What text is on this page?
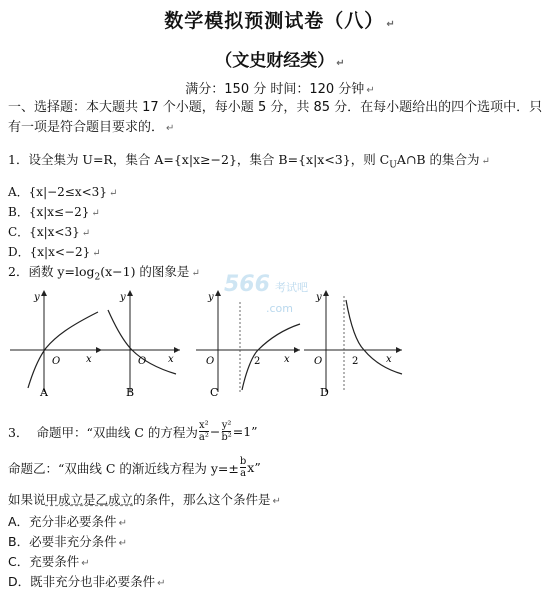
数学模拟预测试卷（八） ↵
（文史财经类） ↵
满分：150 分 时间：120 分钟 ↵
一、选择题：本大题共 17 个小题，每小题 5 分，共 85 分．在每小题给出的四个选项中．只
有一项是符合题目要求的． ↵
1．设全集为 U=R，集合 A={x|x≥−2}，集合 B={x|x<3}，则 $C_UA\cap B$ 的集合为 ↵
A．{x|−2≤x<3} ↵
B．{x|x≤−2} ↵
C．{x|x<3} ↵
D．{x|x<−2} ↵
2．函数 $y=\log_2(x-1)$ 的图象是 ↵ 566 考试吧
.com
y
x
O
A
y
x
O
B
y
x
O	2
C
y
x
O	2
D
3． 命题甲：“双曲线 C 的方程为 x²
$a^2 - \frac{\text{y²}}{\text{b²}} =1$”
命题乙：“双曲线 C 的渐近线方程为 $y=\pm \frac{b}{a} x$”
如果说甲成立是乙成立的条件，那么这个条件是 ↵
A．充分非必要条件 ↵
B．必要非充分条件 ↵
C．充要条件 ↵
D．既非充分也非必要条件 ↵
